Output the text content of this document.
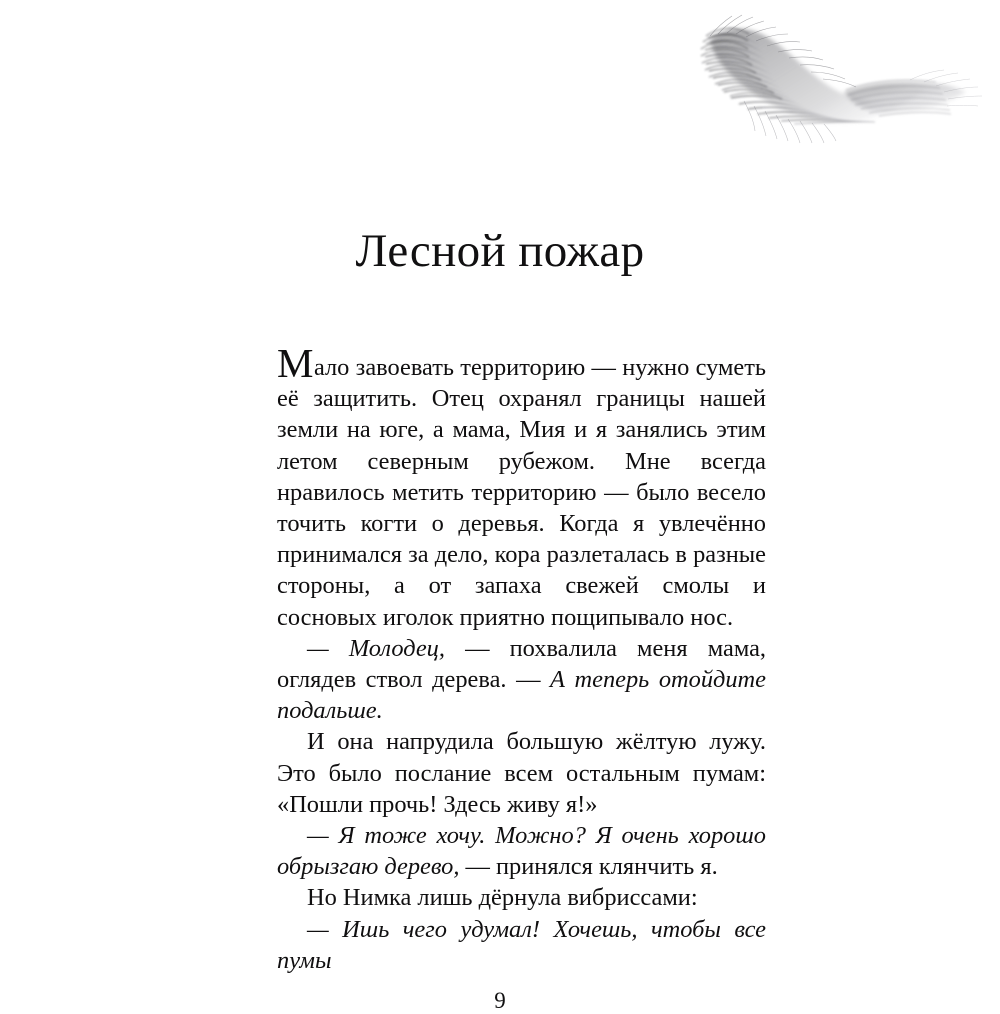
Лесной пожар

Мало завоевать территорию — нужно суметь её защитить. Отец охранял границы нашей земли на юге, а мама, Мия и я занялись этим летом северным рубежом. Мне всегда нравилось метить территорию — было весело точить когти о деревья. Когда я увлечённо принимался за дело, кора разлеталась в разные стороны, а от запаха свежей смолы и сосновых иголок приятно пощипывало нос.

— Молодец, — похвалила меня мама, оглядев ствол дерева. — А теперь отойдите подальше.

И она напрудила большую жёлтую лужу. Это было послание всем остальным пумам: «Пошли прочь! Здесь живу я!»

— Я тоже хочу. Можно? Я очень хорошо обрызгаю дерево, — принялся клянчить я.

Но Нимка лишь дёрнула вибриссами:

— Ишь чего удумал! Хочешь, чтобы все пумы

9
